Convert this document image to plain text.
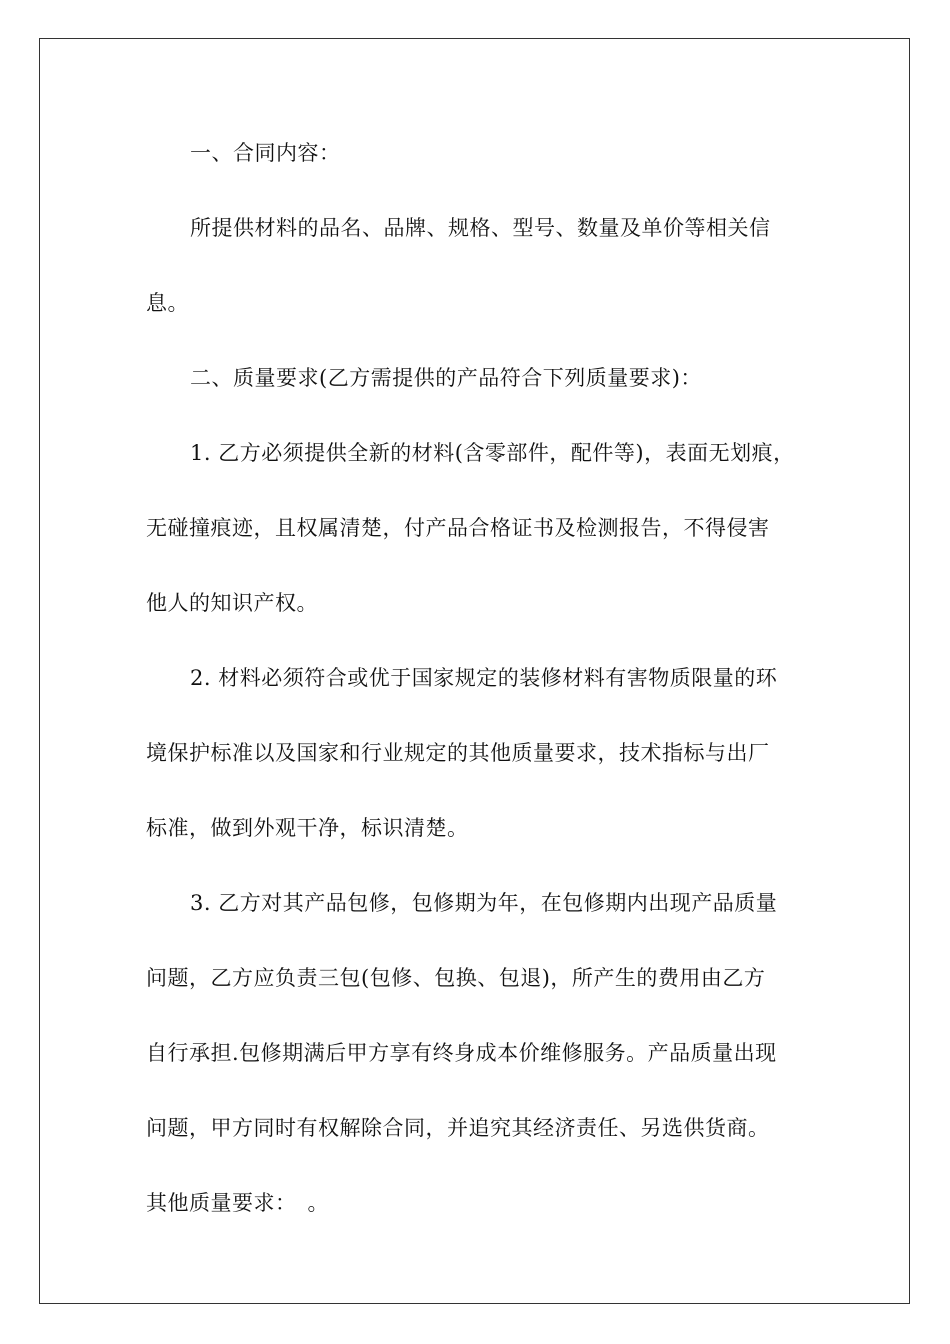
一、合同内容：
所提供材料的品名、品牌、规格、型号、数量及单价等相关信
息。
二、质量要求(乙方需提供的产品符合下列质量要求)：
1. 乙方必须提供全新的材料(含零部件，配件等)，表面无划痕，
无碰撞痕迹，且权属清楚，付产品合格证书及检测报告，不得侵害
他人的知识产权。
2. 材料必须符合或优于国家规定的装修材料有害物质限量的环
境保护标准以及国家和行业规定的其他质量要求，技术指标与出厂
标准，做到外观干净，标识清楚。
3. 乙方对其产品包修，包修期为年，在包修期内出现产品质量
问题，乙方应负责三包(包修、包换、包退)，所产生的费用由乙方
自行承担.包修期满后甲方享有终身成本价维修服务。产品质量出现
问题，甲方同时有权解除合同，并追究其经济责任、另选供货商。
其他质量要求：　。
